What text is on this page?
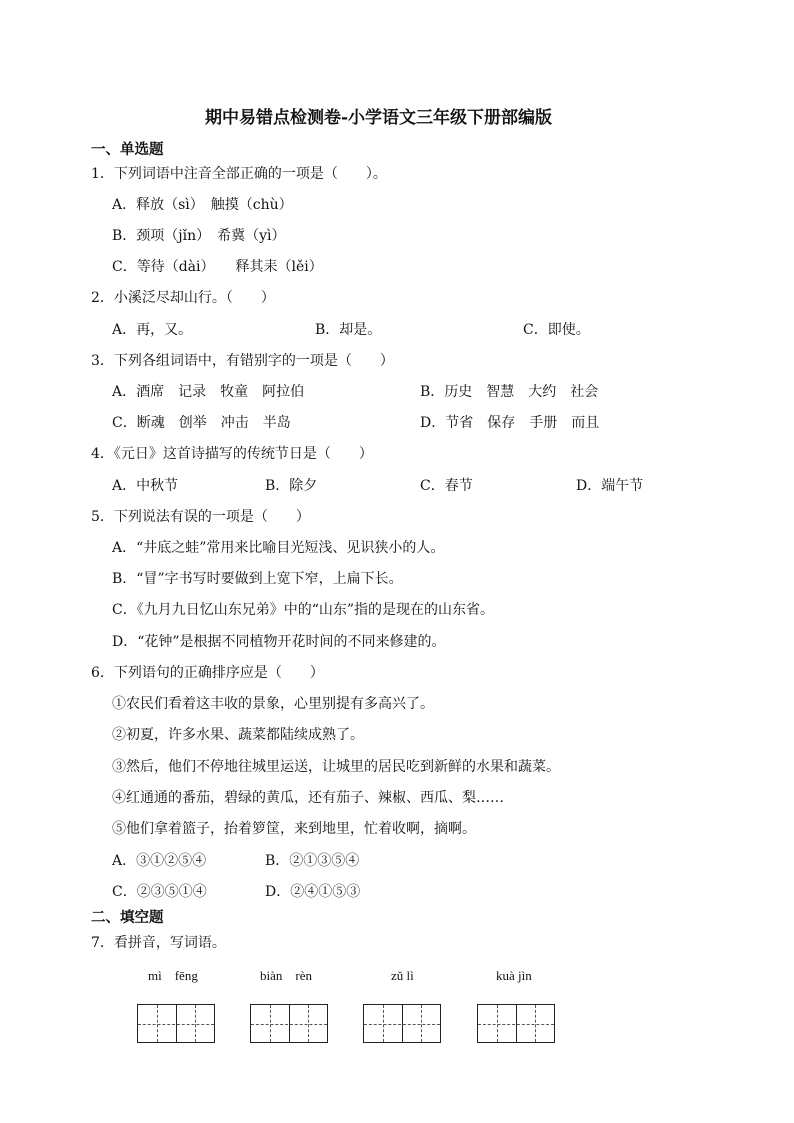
期中易错点检测卷-小学语文三年级下册部编版
一、单选题
1．下列词语中注音全部正确的一项是（　　）。
A．释放（sì）　触摸（chù）
B．颈项（jǐn）　希冀（yì）
C．等待（dài）　　释其耒（lěi）
2．小溪泛尽却山行。（　　）
A．再，又。	B．却是。	C．即使。
3．下列各组词语中，有错别字的一项是（　　）
A．酒席　记录　牧童　阿拉伯	B．历史　智慧　大约　社会
C．断魂　创举　冲击　半岛	D．节省　保存　手册　而且
4．《元日》这首诗描写的传统节日是（　　）
A．中秋节	B．除夕	C．春节	D．端午节
5．下列说法有误的一项是（　　）
A．“井底之蛙”常用来比喻目光短浅、见识狭小的人。
B．“冒”字书写时要做到上宽下窄，上扁下长。
C．《九月九日忆山东兄弟》中的“山东”指的是现在的山东省。
D．“花钟”是根据不同植物开花时间的不同来修建的。
6．下列语句的正确排序应是（　　）
①农民们看着这丰收的景象，心里别提有多高兴了。
②初夏，许多水果、蔬菜都陆续成熟了。
③然后，他们不停地往城里运送，让城里的居民吃到新鲜的水果和蔬菜。
④红通通的番茄，碧绿的黄瓜，还有茄子、辣椒、西瓜、梨……
⑤他们拿着篮子，抬着箩筐，来到地里，忙着收啊，摘啊。
A．③①②⑤④	B．②①③⑤④
C．②③⑤①④	D．②④①⑤③
二、填空题
7．看拼音，写词语。
mì　fēng	biàn　rèn	zǔ lì	kuà jìn
